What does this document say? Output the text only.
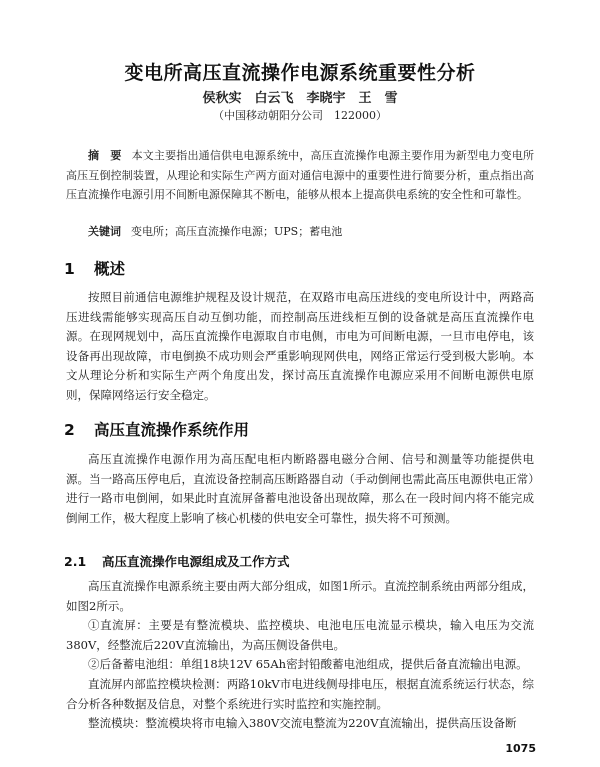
变电所高压直流操作电源系统重要性分析
侯秋实　白云飞　李晓宇　王　雪
（中国移动朝阳分公司　122000）
摘　要 本文主要指出通信供电电源系统中，高压直流操作电源主要作用为新型电力变电所高压互倒控制装置，从理论和实际生产两方面对通信电源中的重要性进行简要分析，重点指出高压直流操作电源引用不间断电源保障其不断电，能够从根本上提高供电系统的安全性和可靠性。
关键词 变电所；高压直流操作电源；UPS；蓄电池
1 概述

按照目前通信电源维护规程及设计规范，在双路市电高压进线的变电所设计中，两路高压进线需能够实现高压自动互倒功能，而控制高压进线柜互倒的设备就是高压直流操作电源。在现网规划中，高压直流操作电源取自市电侧，市电为可间断电源，一旦市电停电，该设备再出现故障，市电倒换不成功则会严重影响现网供电，网络正常运行受到极大影响。本文从理论分析和实际生产两个角度出发，探讨高压直流操作电源应采用不间断电源供电原则，保障网络运行安全稳定。

2 高压直流操作系统作用

高压直流操作电源作用为高压配电柜内断路器电磁分合闸、信号和测量等功能提供电源。当一路高压停电后，直流设备控制高压断路器自动（手动倒闸也需此高压电源供电正常）进行一路市电倒闸，如果此时直流屏备蓄电池设备出现故障，那么在一段时间内将不能完成倒闸工作，极大程度上影响了核心机楼的供电安全可靠性，损失将不可预测。

2.1 高压直流操作电源组成及工作方式

高压直流操作电源系统主要由两大部分组成，如图1所示。直流控制系统由两部分组成，如图2所示。

①直流屏：主要是有整流模块、监控模块、电池电压电流显示模块，输入电压为交流380V，经整流后220V直流输出，为高压侧设备供电。

②后备蓄电池组：单组18块12V 65Ah密封铅酸蓄电池组成，提供后备直流输出电源。

直流屏内部监控模块检测：两路10kV市电进线侧母排电压，根据直流系统运行状态，综合分析各种数据及信息，对整个系统进行实时监控和实施控制。

整流模块：整流模块将市电输入380V交流电整流为220V直流输出，提供高压设备断

1075
